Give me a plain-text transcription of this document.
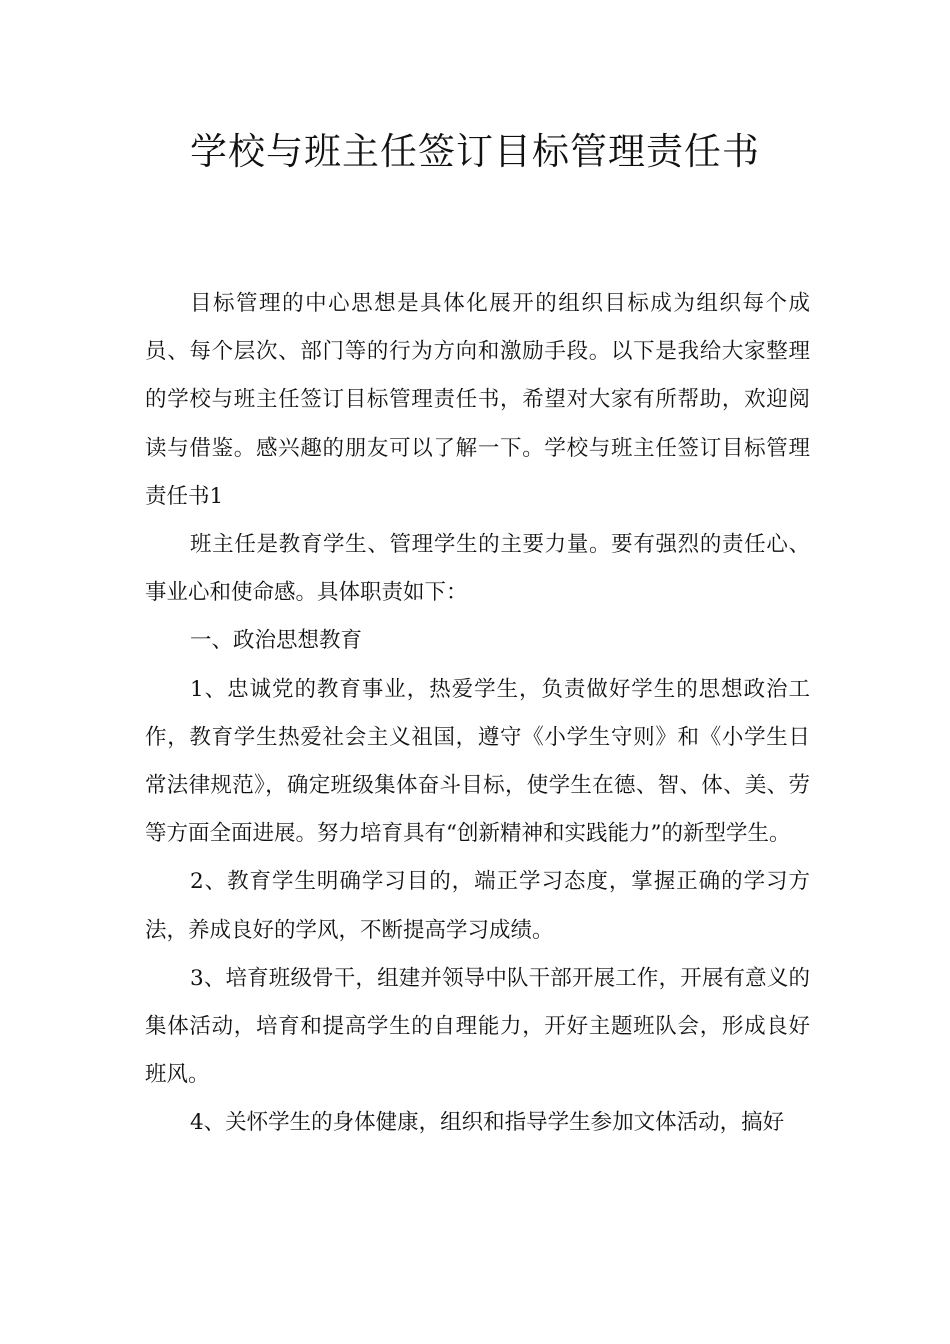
学校与班主任签订目标管理责任书

目标管理的中心思想是具体化展开的组织目标成为组织每个成员、每个层次、部门等的行为方向和激励手段。以下是我给大家整理的学校与班主任签订目标管理责任书，希望对大家有所帮助，欢迎阅读与借鉴。感兴趣的朋友可以了解一下。学校与班主任签订目标管理责任书1

班主任是教育学生、管理学生的主要力量。要有强烈的责任心、事业心和使命感。具体职责如下：

一、政治思想教育

1、忠诚党的教育事业，热爱学生，负责做好学生的思想政治工作，教育学生热爱社会主义祖国，遵守《小学生守则》和《小学生日常法律规范》，确定班级集体奋斗目标，使学生在德、智、体、美、劳等方面全面进展。努力培育具有“创新精神和实践能力”的新型学生。

2、教育学生明确学习目的，端正学习态度，掌握正确的学习方法，养成良好的学风，不断提高学习成绩。

3、培育班级骨干，组建并领导中队干部开展工作，开展有意义的集体活动，培育和提高学生的自理能力，开好主题班队会，形成良好班风。

4、关怀学生的身体健康，组织和指导学生参加文体活动，搞好
